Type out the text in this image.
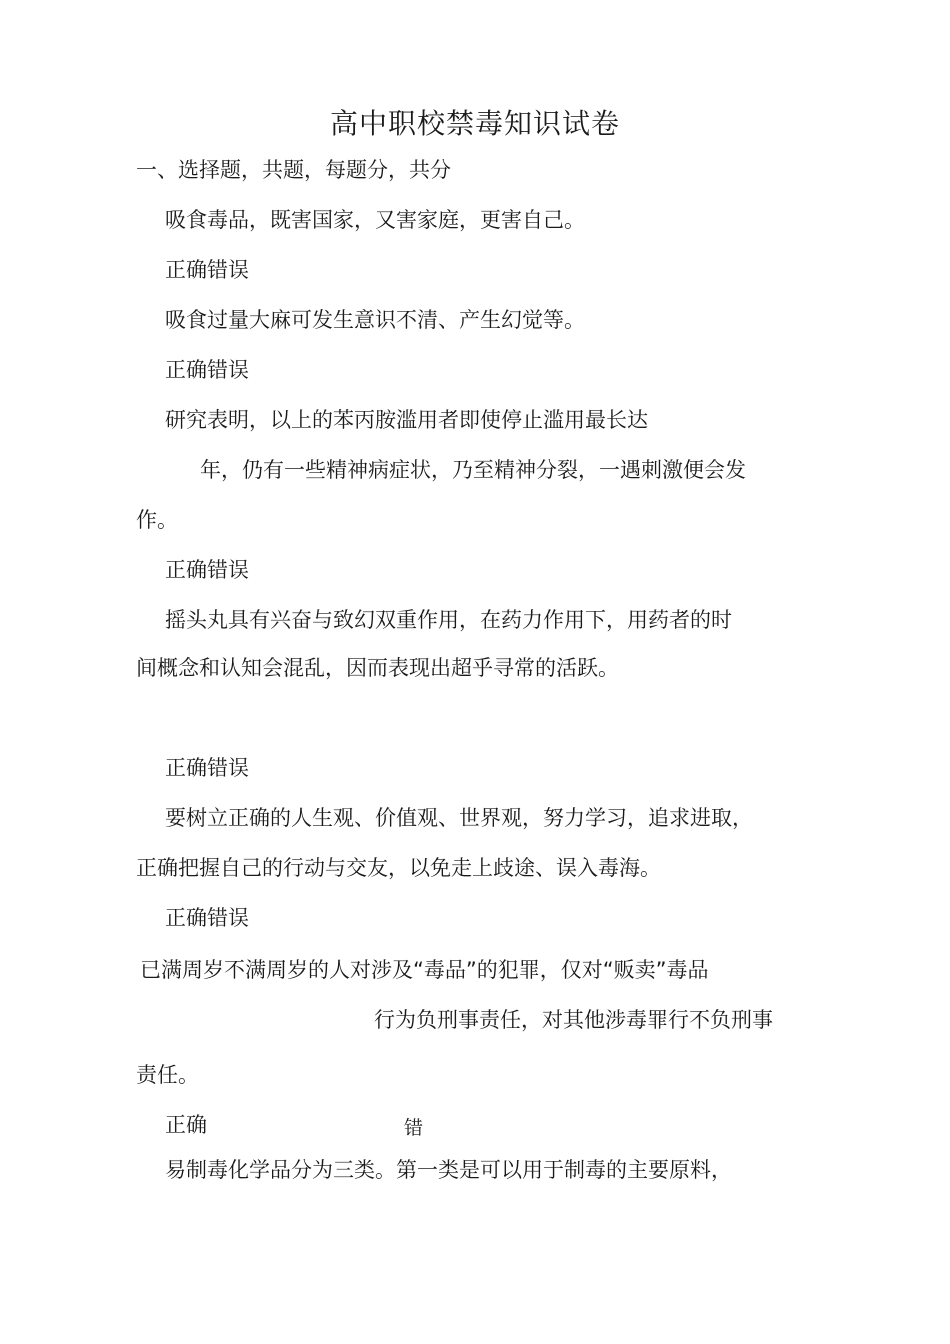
高中职校禁毒知识试卷
一、选择题，共题，每题分，共分
吸食毒品，既害国家，又害家庭，更害自己。
正确错误
吸食过量大麻可发生意识不清、产生幻觉等。
正确错误
研究表明，以上的苯丙胺滥用者即使停止滥用最长达
年，仍有一些精神病症状，乃至精神分裂，一遇刺激便会发
作。
正确错误
摇头丸具有兴奋与致幻双重作用，在药力作用下，用药者的时
间概念和认知会混乱，因而表现出超乎寻常的活跃。
正确错误
要树立正确的人生观、价值观、世界观，努力学习，追求进取，
正确把握自己的行动与交友，以免走上歧途、误入毒海。
正确错误
已满周岁不满周岁的人对涉及“毒品”的犯罪，仅对“贩卖”毒品
行为负刑事责任，对其他涉毒罪行不负刑事
责任。
正确	错
易制毒化学品分为三类。第一类是可以用于制毒的主要原料，
